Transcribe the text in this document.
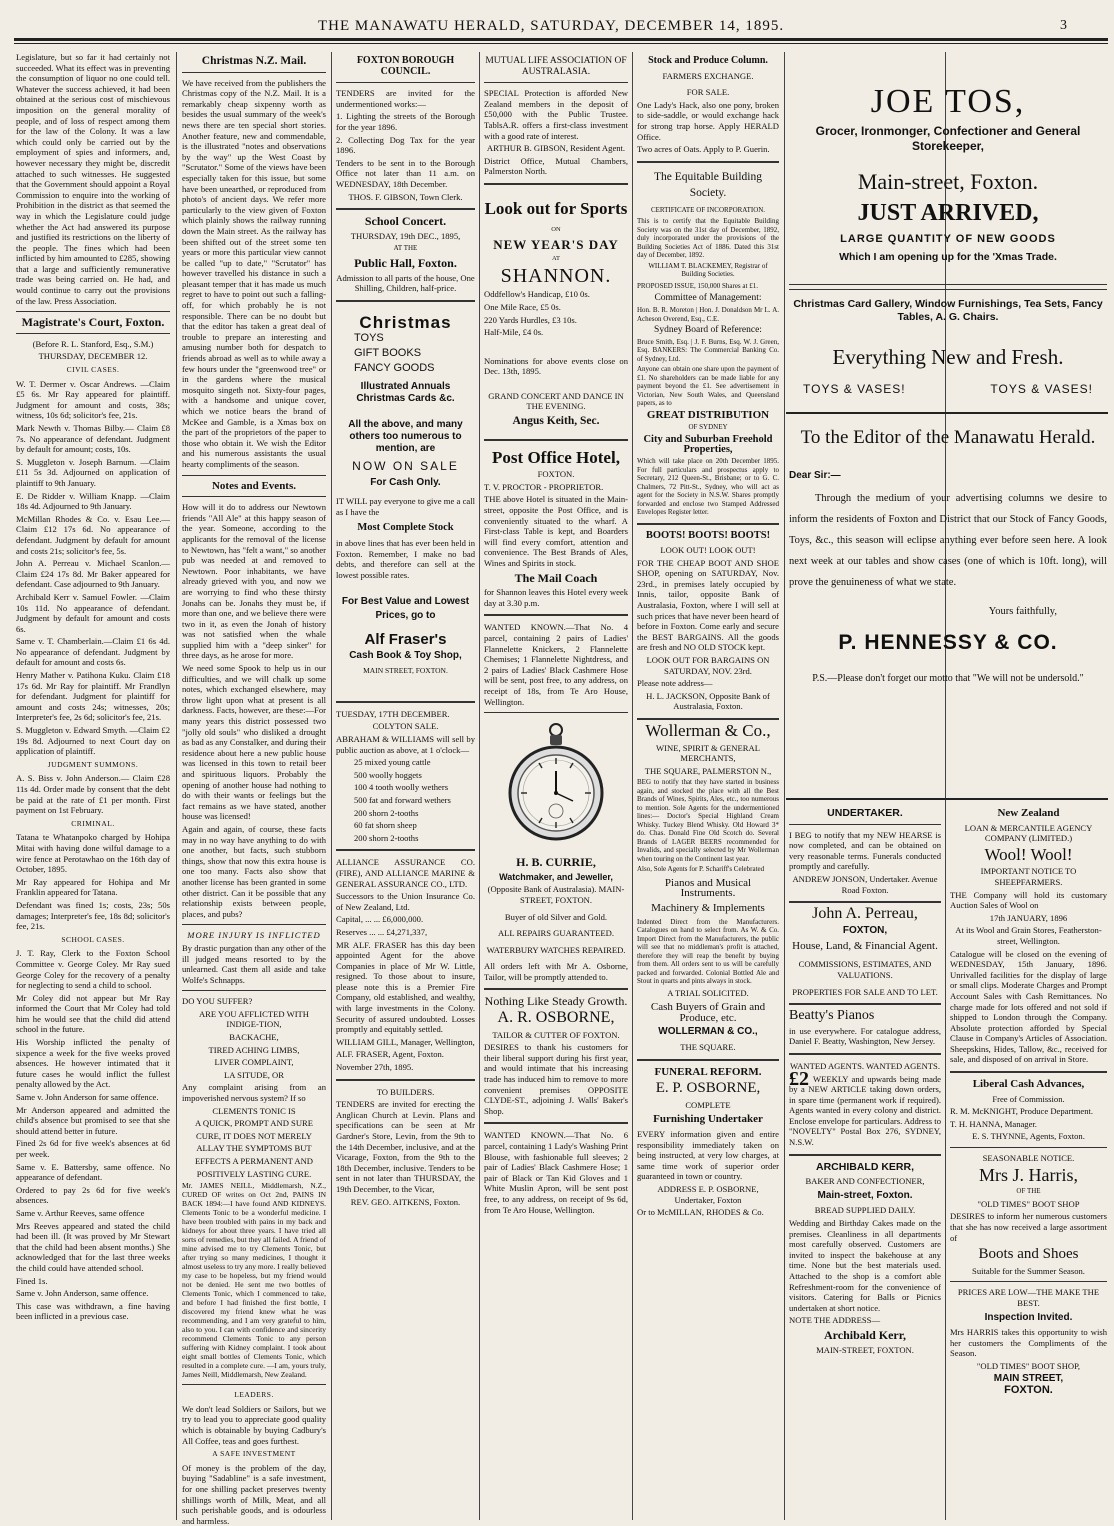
THE MANAWATU HERALD, SATURDAY, DECEMBER 14, 1895.	3

Legislature, but so far it had certainly not succeeded. What its effect was in preventing the consumption of liquor no one could tell. Whatever the success achieved, it had been obtained at the serious cost of mischievous imposition on the general morality of people, and of loss of respect among them for the law of the Colony. It was a law which could only be carried out by the employment of spies and informers, and, however necessary they might be, discredit attached to such witnesses. He suggested that the Government should appoint a Royal Commission to enquire into the working of Prohibition in the district as that seemed the way in which the Legislature could judge whether the Act had answered its purpose and justified its restrictions on the liberty of the people. The fines which had been inflicted by him amounted to £285, showing that a large and sufficiently remunerative trade was being carried on. He had, and would continue to carry out the provisions of the law. Press Association.

Magistrate's Court, Foxton.

(Before R. L. Stanford, Esq., S.M.)

THURSDAY, DECEMBER 12.

CIVIL CASES.

W. T. Dermer v. Oscar Andrews. —Claim £5 6s. Mr Ray appeared for plaintiff. Judgment for amount and costs, 38s; witness, 10s 6d; solicitor's fee, 21s.

Mark Newth v. Thomas Bilby.— Claim £8 7s. No appearance of defendant. Judgment by default for amount; costs, 10s.

S. Muggleton v. Joseph Barnum. —Claim £11 5s 3d. Adjourned on application of plaintiff to 9th January.

E. De Ridder v. William Knapp. —Claim 18s 4d. Adjourned to 9th January.

McMillan Rhodes & Co. v. Esau Lee.—Claim £12 17s 6d. No appearance of defendant. Judgment by default for amount and costs 21s; solicitor's fee, 5s.

John A. Perreau v. Michael Scanlon.—Claim £24 17s 8d. Mr Baker appeared for defendant. Case adjourned to 9th January.

Archibald Kerr v. Samuel Fowler. —Claim 10s 11d. No appearance of defendant. Judgment by default for amount and costs 6s.

Same v. T. Chamberlain.—Claim £1 6s 4d. No appearance of defendant. Judgment by default for amount and costs 6s.

Henry Mather v. Patihona Kuku. Claim £18 17s 6d. Mr Ray for plaintiff. Mr Frandlyn for defendant. Judgment for plaintiff for amount and costs 24s; witnesses, 20s; Interpreter's fee, 2s 6d; solicitor's fee, 21s.

S. Muggleton v. Edward Smyth. —Claim £2 19s 8d. Adjourned to next Court day on application of plaintiff.

JUDGMENT SUMMONS.

A. S. Biss v. John Anderson.— Claim £28 11s 4d. Order made by consent that the debt be paid at the rate of £1 per month. First payment on 1st February.

CRIMINAL.

Tatana te Whatanpoko charged by Hohipa Mitai with having done wilful damage to a wire fence at Perotawhao on the 16th day of October, 1895.

Mr Ray appeared for Hohipa and Mr Franklin appeared for Tatana.

Defendant was fined 1s; costs, 23s; 50s damages; Interpreter's fee, 18s 8d; solicitor's fee, 21s.

SCHOOL CASES.

J. T. Ray, Clerk to the Foxton School Committee v. George Coley. Mr Ray sued George Coley for the recovery of a penalty for neglecting to send a child to school.

Mr Coley did not appear but Mr Ray informed the Court that Mr Coley had told him he would see that the child did attend school in the future.

His Worship inflicted the penalty of sixpence a week for the five weeks proved absences. He however intimated that it future cases he would inflict the fullest penalty allowed by the Act.

Same v. John Anderson for same offence.

Mr Anderson appeared and admitted the child's absence but promised to see that she should attend better in future.

Fined 2s 6d for five week's absences at 6d per week.

Same v. E. Battersby, same offence. No appearance of defendant.

Ordered to pay 2s 6d for five week's absences.

Same v. Arthur Reeves, same offence

Mrs Reeves appeared and stated the child had been ill. (It was proved by Mr Stewart that the child had been absent months.) She acknowledged that for the last three weeks the child could have attended school.

Fined 1s.

Same v. John Anderson, same offence.

This case was withdrawn, a fine having been inflicted in a previous case.

Christmas N.Z. Mail.

We have received from the publishers the Christmas copy of the N.Z. Mail. It is a remarkably cheap sixpenny worth as besides the usual summary of the week's news there are ten special short stories. Another feature, new and commendable, is the illustrated "notes and observations by the way" up the West Coast by "Scrutator." Some of the views have been especially taken for this issue, but some have been unearthed, or reproduced from photo's of ancient days. We refer more particularly to the view given of Foxton which plainly shows the railway running down the Main street. As the railway has been shifted out of the street some ten years or more this particular view cannot be called "up to date," "Scrutator" has however travelled his distance in such a pleasant temper that it has made us much regret to have to point out such a falling-off, for which probably he is not responsible. There can be no doubt but that the editor has taken a great deal of trouble to prepare an interesting and amusing number both for despatch to friends abroad as well as to while away a few hours under the "greenwood tree" or in the gardens where the musical mosquito singeth not. Sixty-four pages, with a handsome and unique cover, which we notice bears the brand of McKee and Gamble, is a Xmas box on the part of the proprietors of the paper to those who obtain it. We wish the Editor and his numerous assistants the usual hearty compliments of the season.

Notes and Events.

How will it do to address our Newtown friends "All Ale" at this happy season of the year. Someone, according to the applicants for the removal of the license to Newtown, has "felt a want," so another pub was needed at and removed to Newtown. Poor inhabitants, we have already grieved with you, and now we are worrying to find who these thirsty Jonahs can be. Jonahs they must be, if more than one, and we believe there were two in it, as even the Jonah of history was not satisfied when the whale supplied him with a "deep sinker" for three days, as he arose for more.

We need some Spook to help us in our difficulties, and we will chalk up some notes, which exchanged elsewhere, may throw light upon what at present is all darkness. Facts, however, are these:—For many years this district possessed two "jolly old souls" who disliked a drought as bad as any Constalker, and during their residence about here a new public house was licensed in this town to retail beer and spirituous liquors. Probably the opening of another house had nothing to do with their wants or feelings but the fact remains as we have stated, another house was licensed!

Again and again, of course, these facts may in no way have anything to do with one another, but facts, such stubborn things, show that now this extra house is one too many. Facts also show that another license has been granted in some other district. Can it be possible that any relationship exists between people, places, and pubs?

MORE INJURY IS INFLICTED

By drastic purgation than any other of the ill judged means resorted to by the unlearned. Cast them all aside and take Wolfe's Schnapps.

DO YOU SUFFER?

ARE YOU AFFLICTED WITH INDIGE-TION,

BACKACHE,

TIRED ACHING LIMBS,

LIVER COMPLAINT,

LA SITUDE, OR

Any complaint arising from an impoverished nervous system? If so

CLEMENTS TONIC IS

A QUICK, PROMPT AND SURE

CURE, IT DOES NOT MERELY

ALLAY THE SYMPTOMS BUT

EFFECTS A PERMANENT AND

POSITIVELY LASTING CURE.

Mr. JAMES NEILL, Middlemarsh, N.Z., CURED OF writes on Oct 2nd, PAINS IN BACK 1894:—I have found AND KIDNEYS. Clements Tonic to be a wonderful medicine. I have been troubled with pains in my back and kidneys for about three years. I have tried all sorts of remedies, but they all failed. A friend of mine advised me to try Clements Tonic, but after trying so many medicines, I thought it almost useless to try any more. I really believed my case to be hopeless, but my friend would not be denied. He sent me two bottles of Clements Tonic, which I commenced to take, and before I had finished the first bottle, I discovered my friend knew what he was recommending, and I am very grateful to him, also to you. I can with confidence and sincerity recommend Clements Tonic to any person suffering with Kidney complaint. I took about eight small bottles of Clements Tonic, which resulted in a complete cure. —I am, yours truly, James Neill, Middlemarsh, New Zealand.

LEADERS.

We don't lead Soldiers or Sailors, but we try to lead you to appreciate good quality which is obtainable by buying Cadbury's All Coffee, teas and goes furthest.

A SAFE INVESTMENT

Of money is the problem of the day, buying "Sadabline" is a safe investment, for one shilling packet preserves twenty shillings worth of Milk, Meat, and all such perishable goods, and is odourless and harmless.

FOXTON BOROUGH COUNCIL.

TENDERS are invited for the undermentioned works:—

1. Lighting the streets of the Borough for the year 1896.

2. Collecting Dog Tax for the year 1896.

Tenders to be sent in to the Borough Office not later than 11 a.m. on WEDNESDAY, 18th December.

THOS. F. GIBSON, Town Clerk.

School Concert.

THURSDAY, 19th DEC., 1895,

AT THE

Public Hall, Foxton.

Admission to all parts of the house, One Shilling, Children, half-price.

Christmas

TOYS

GIFT BOOKS

FANCY GOODS

Illustrated Annuals Christmas Cards &c.

All the above, and many others too numerous to mention, are

NOW ON SALE

For Cash Only.

IT WILL pay everyone to give me a call as I have the

Most Complete Stock

in above lines that has ever been held in Foxton. Remember, I make no bad debts, and therefore can sell at the lowest possible rates.

For Best Value and Lowest Prices, go to

Alf Fraser's

Cash Book & Toy Shop,

MAIN STREET, FOXTON.

TUESDAY, 17TH DECEMBER.

COLYTON SALE.

ABRAHAM & WILLIAMS will sell by public auction as above, at 1 o'clock—

25 mixed young cattle

500 woolly hoggets

100 4 tooth woolly wethers

500 fat and forward wethers

200 shorn 2-tooths

60 fat shorn sheep

200 shorn 2-tooths

ALLIANCE ASSURANCE CO. (FIRE), AND ALLIANCE MARINE & GENERAL ASSURANCE CO., LTD.

Successors to the Union Insurance Co. of New Zealand, Ltd.

Capital, ... ... £6,000,000.

Reserves ... ... £4,271,337,

MR ALF. FRASER has this day been appointed Agent for the above Companies in place of Mr W. Little, resigned. To those about to insure, please note this is a Premier Fire Company, old established, and wealthy, with large investments in the Colony. Security of assured undoubted. Losses promptly and equitably settled.

WILLIAM GILL, Manager, Wellington,

ALF. FRASER, Agent, Foxton.

November 27th, 1895.

TO BUILDERS.

TENDERS are invited for erecting the Anglican Church at Levin. Plans and specifications can be seen at Mr Gardner's Store, Levin, from the 9th to the 14th December, inclusive, and at the Vicarage, Foxton, from the 9th to the 18th December, inclusive. Tenders to be sent in not later than THURSDAY, the 19th December, to the Vicar,

REV. GEO. AITKENS, Foxton.

MUTUAL LIFE ASSOCIATION OF AUSTRALASIA.

SPECIAL Protection is afforded New Zealand members in the deposit of £50,000 with the Public Trustee. TablsA.R. offers a first-class investment with a good rate of interest.

ARTHUR B. GIBSON, Resident Agent.

District Office, Mutual Chambers, Palmerston North.

Look out for Sports

ON

NEW YEAR'S DAY

AT

SHANNON.

Oddfellow's Handicap, £10 0s.

One Mile Race, £5 0s.

220 Yards Hurdles, £3 10s.

Half-Mile, £4 0s.

Nominations for above events close on Dec. 13th, 1895.

GRAND CONCERT AND DANCE IN THE EVENING.

Angus Keith, Sec.
Post Office Hotel,

FOXTON.

T. V. PROCTOR - PROPRIETOR.

THE above Hotel is situated in the Main-street, opposite the Post Office, and is conveniently situated to the wharf. A First-class Table is kept, and Boarders will find every comfort, attention and convenience. The Best Brands of Ales, Wines and Spirits in stock.

The Mail Coach

for Shannon leaves this Hotel every week day at 3.30 p.m.

WANTED KNOWN.—That No. 4 parcel, containing 2 pairs of Ladies' Flannelette Knickers, 2 Flannelette Chemises; 1 Flannelette Nightdress, and 2 pairs of Ladies' Black Cashmere Hose will be sent, post free, to any address, on receipt of 18s, from Te Aro House, Wellington.

H. B. CURRIE,

Watchmaker, and Jeweller,

(Opposite Bank of Australasia). MAIN-STREET, FOXTON.

Buyer of old Silver and Gold.

ALL REPAIRS GUARANTEED.

WATERBURY WATCHES REPAIRED.

All orders left with Mr A. Osborne, Tailor, will be promptly attended to.

Nothing Like Steady Growth.
A. R. OSBORNE,

TAILOR & CUTTER OF FOXTON.

DESIRES to thank his customers for their liberal support during his first year, and would intimate that his increasing trade has induced him to remove to more convenient premises OPPOSITE CLYDE-ST., adjoining J. Walls' Baker's Shop.

WANTED KNOWN.—That No. 6 parcel, containing 1 Lady's Washing Print Blouse, with fashionable full sleeves; 2 pair of Ladies' Black Cashmere Hose; 1 pair of Black or Tan Kid Gloves and 1 White Muslin Apron, will be sent post free, to any address, on receipt of 9s 6d, from Te Aro House, Wellington.

Stock and Produce Column.

FARMERS EXCHANGE.

FOR SALE.

One Lady's Hack, also one pony, broken to side-saddle, or would exchange hack for strong trap horse. Apply HERALD Office.

Two acres of Oats. Apply to P. Guerin.

The Equitable Building Society.

CERTIFICATE OF INCORPORATION.

This is to certify that the Equitable Building Society was on the 31st day of December, 1892, duly incorporated under the provisions of the Building Societies Act of 1886. Dated this 31st day of December, 1892.

WILLIAM T. BLACKEMEY, Registrar of Building Societies.

PROPOSED ISSUE, 150,000 Shares at £1.

Committee of Management:

Hon. B. R. Moreton | Hon. J. Donaldson Mr L. A. Acheson Overend, Esq., C.E.

Sydney Board of Reference:

Bruce Smith, Esq. | J. F. Burns, Esq. W. J. Green, Esq. BANKERS: The Commercial Banking Co. of Sydney, Ltd.

Anyone can obtain one share upon the payment of £1. No shareholders can be made liable for any payment beyond the £1. See advertisement in Victorian, New South Wales, and Queensland papers, as to

GREAT DISTRIBUTION

OF SYDNEY

City and Suburban Freehold Properties,

Which will take place on 20th December 1895. For full particulars and prospectus apply to Secretary, 212 Queen-St., Brisbane; or to G. C. Chalmers, 72 Pitt-St., Sydney, who will act as agent for the Society in N.S.W. Shares promptly forwarded and enclose two Stamped Addressed Envelopes Register letter.

BOOTS! BOOTS! BOOTS!

LOOK OUT! LOOK OUT!

FOR THE CHEAP BOOT AND SHOE SHOP, opening on SATURDAY, Nov. 23rd., in premises lately occupied by Innis, tailor, opposite Bank of Australasia, Foxton, where I will sell at such prices that have never been heard of before in Foxton. Come early and secure the BEST BARGAINS. All the goods are fresh and NO OLD STOCK kept.

LOOK OUT FOR BARGAINS ON SATURDAY, NOV. 23rd.

Please note address—

H. L. JACKSON, Opposite Bank of Australasia, Foxton.

Wollerman & Co.,

WINE, SPIRIT & GENERAL MERCHANTS,

THE SQUARE, PALMERSTON N.,

BEG to notify that they have started in business again, and stocked the place with all the Best Brands of Wines, Spirits, Ales, etc., too numerous to mention. Sole Agents for the undermentioned lines:— Doctor's Special Highland Cream Whisky. Tuckey Blend Whisky. Old Howard 3* do. Chas. Donald Fine Old Scotch do. Several Brands of LAGER BEERS recommended for Invalids, and specially selected by Mr Wollerman when touring on the Continent last year.

Also, Sole Agents for P. Schariff's Celebrated

Pianos and Musical Instruments.
Machinery & Implements

Indented Direct from the Manufacturers. Catalogues on hand to select from. As W. & Co. Import Direct from the Manufacturers, the public will see that no middleman's profit is attached, therefore they will reap the benefit by buying from them. All orders sent to us will be carefully packed and forwarded. Colonial Bottled Ale and Stout in quarts and pints always in stock.

A TRIAL SOLICITED.

Cash Buyers of Grain and Produce, etc.
WOLLERMAN & CO.,

THE SQUARE.

FUNERAL REFORM.
E. P. OSBORNE,

COMPLETE

Furnishing Undertaker

EVERY information given and entire responsibility immediately taken on being instructed, at very low charges, at same time work of superior order guaranteed in town or country.

ADDRESS E. P. OSBORNE, Undertaker, Foxton

Or to McMILLAN, RHODES & Co.

JOE TOS,
Grocer, Ironmonger, Confectioner and General Storekeeper,
Main-street, Foxton.
JUST ARRIVED,
LARGE QUANTITY OF NEW GOODS
Which I am opening up for the 'Xmas Trade.
Christmas Card Gallery, Window Furnishings, Tea Sets, Fancy Tables, A. G. Chairs.
Everything New and Fresh.
TOYS & VASES!	TOYS & VASES!
To the Editor of the Manawatu Herald.

Dear Sir:—

Through the medium of your advertising columns we desire to inform the residents of Foxton and District that our Stock of Fancy Goods, Toys, &c., this season will eclipse anything ever before seen here. A look next week at our tables and show cases (one of which is 10ft. long), will prove the genuineness of what we state.

Yours faithfully,

P. HENNESSY & CO.

P.S.—Please don't forget our motto that "We will not be undersold."

UNDERTAKER.

I BEG to notify that my NEW HEARSE is now completed, and can be obtained on very reasonable terms. Funerals conducted promptly and carefully.

ANDREW JONSON, Undertaker. Avenue Road Foxton.

John A. Perreau,
FOXTON,

House, Land, & Financial Agent.

COMMISSIONS, ESTIMATES, AND VALUATIONS.

PROPERTIES FOR SALE AND TO LET.

Beatty's Pianos

in use everywhere. For catalogue address, Daniel F. Beatty, Washington, New Jersey.

WANTED AGENTS. WANTED AGENTS.

£2 WEEKLY and upwards being made by a NEW ARTICLE taking down orders, in spare time (permanent work if required). Agents wanted in every colony and district. Enclose envelope for particulars. Address to "NOVELTY" Postal Box 276, SYDNEY, N.S.W.

ARCHIBALD KERR,

BAKER AND CONFECTIONER,

Main-street, Foxton.

BREAD SUPPLIED DAILY.

Wedding and Birthday Cakes made on the premises. Cleanliness in all departments most carefully observed. Customers are invited to inspect the bakehouse at any time. None but the best materials used. Attached to the shop is a comfort able Refreshment-room for the convenience of visitors. Catering for Balls or Picnics undertaken at short notice.

NOTE THE ADDRESS—

Archibald Kerr,

MAIN-STREET, FOXTON.

New Zealand

LOAN & MERCANTILE AGENCY COMPANY (LIMITED.)

Wool! Wool!

IMPORTANT NOTICE TO SHEEPFARMERS.

THE Company will hold its customary Auction Sales of Wool on

17th JANUARY, 1896

At its Wool and Grain Stores, Featherston-street, Wellington.

Catalogue will be closed on the evening of WEDNESDAY, 15th January, 1896. Unrivalled facilities for the display of large or small clips. Moderate Charges and Prompt Account Sales with Cash Remittances. No charge made for lots offered and not sold if shipped to London through the Company. Absolute protection afforded by Special Clause in Company's Articles of Association. Sheepskins, Hides, Tallow, &c., received for sale, and disposed of on arrival in Store.

Liberal Cash Advances,

Free of Commission.

R. M. McKNIGHT, Produce Department.

T. H. HANNA, Manager.

E. S. THYNNE, Agents, Foxton.

SEASONABLE NOTICE.

Mrs J. Harris,

OF THE

"OLD TIMES" BOOT SHOP

DESIRES to inform her numerous customers that she has now received a large assortment of

Boots and Shoes

Suitable for the Summer Season.

PRICES ARE LOW—THE MAKE THE BEST.

Inspection Invited.

Mrs HARRIS takes this opportunity to wish her customers the Compliments of the Season.

"OLD TIMES" BOOT SHOP,

MAIN STREET,
FOXTON.
